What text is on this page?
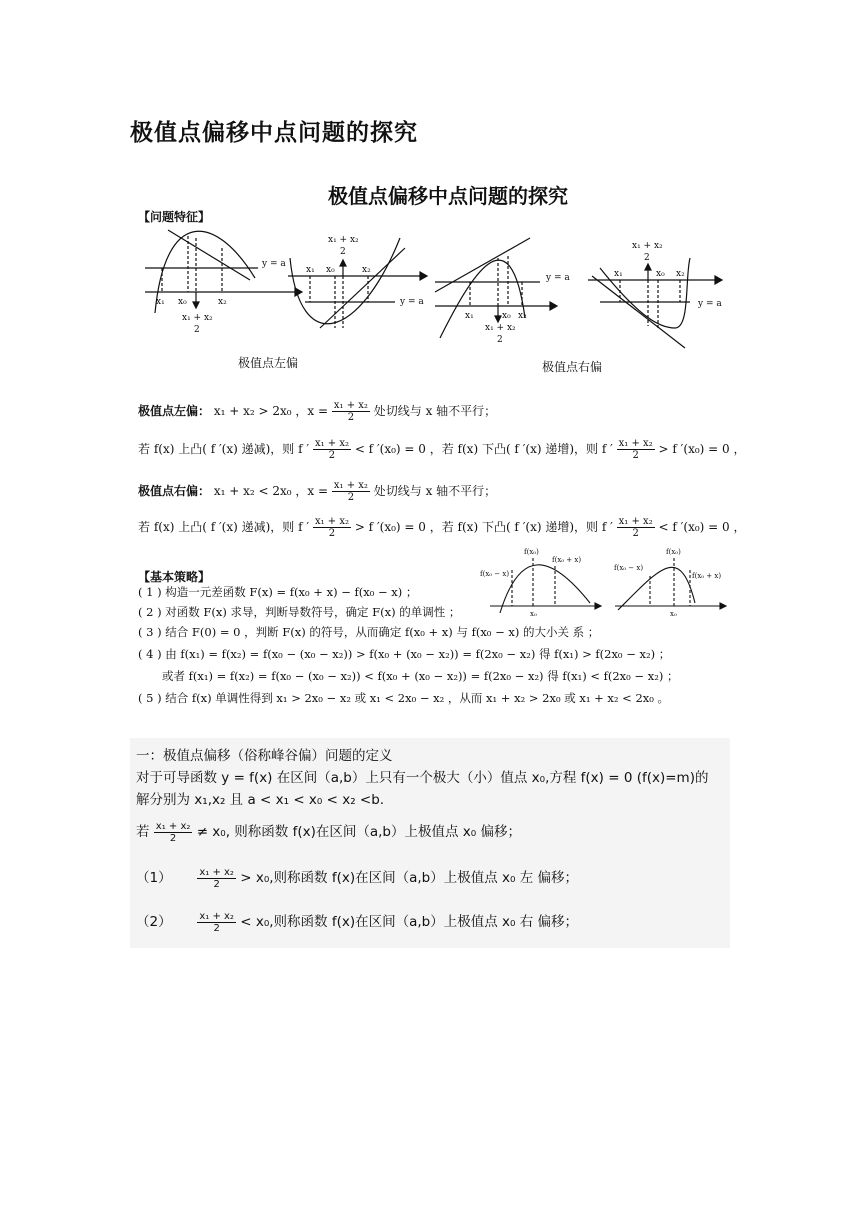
极值点偏移中点问题的探究
极值点偏移中点问题的探究
【问题特征】
y = a
x₁ x₀	x₂
x₁ + x₂
2
y = a
x₁ x₀	x₂
x₁ + x₂
2
y = a
x₁	x₀ x₂
x₁ + x₂
2
y = a
x₁	x₀ x₂
x₁ + x₂
2
极值点左偏	极值点右偏
极值点左偏： x₁ + x₂ > 2x₀ ，$x = \frac{\text{x₁ + x₂}}{2}$ 处切线与 x 轴不平行；
若 f(x) 上凸( f ′(x) 递减)，则 f ′ $\frac{\text{x₁ + x₂}}{2} < f$ ′(x₀) = 0 ，若 f(x) 下凸( f ′(x) 递增)，则 f ′ $\frac{\text{x₁ + x₂}}{2} > f$ ′(x₀) = 0 ，
极值点右偏： x₁ + x₂ < 2x₀ ，$x = \frac{\text{x₁ + x₂}}{2}$ 处切线与 x 轴不平行；
若 f(x) 上凸( f ′(x) 递减)，则 f ′ $\frac{\text{x₁ + x₂}}{2} > f$ ′(x₀) = 0 ，若 f(x) 下凸( f ′(x) 递增)，则 f ′ $\frac{\text{x₁ + x₂}}{2} < f$ ′(x₀) = 0 ，
【基本策略】
( 1 ) 构造一元差函数 F(x) = f(x₀ + x) − f(x₀ − x) ；
( 2 ) 对函数 F(x) 求导，判断导数符号，确定 F(x) 的单调性 ；
( 3 ) 结合 F(0) = 0 ，判断 F(x) 的符号，从而确定 f(x₀ + x) 与 f(x₀ − x) 的大小关 系 ；
( 4 ) 由 f(x₁) = f(x₂) = f(x₀ − (x₀ − x₂)) > f(x₀ + (x₀ − x₂)) = f(2x₀ − x₂) 得 f(x₁) > f(2x₀ − x₂) ；
或者 f(x₁) = f(x₂) = f(x₀ − (x₀ − x₂)) < f(x₀ + (x₀ − x₂)) = f(2x₀ − x₂) 得 f(x₁) < f(2x₀ − x₂) ；
( 5 ) 结合 f(x) 单调性得到 x₁ > 2x₀ − x₂ 或 x₁ < 2x₀ − x₂ ，从而 x₁ + x₂ > 2x₀ 或 x₁ + x₂ < 2x₀ 。
f(x₀)
f(x₀ − x)
f(x₀ + x)
x₀
f(x₀)
f(x₀ − x)
f(x₀ + x)
x₀
一：极值点偏移（俗称峰谷偏）问题的定义
对于可导函数 y = f(x) 在区间（a,b）上只有一个极大（小）值点 x₀,方程 f(x) = 0 (f(x)=m)的
解分别为 x₁,x₂ 且 a < x₁ < x₀ < x₂ <b.
若 $\frac{\text{x₁ + x₂}}{2} \ne x_0$, 则称函数 f(x)在区间（a,b）上极值点 x₀ 偏移；
（1）	$\frac{\text{x₁ + x₂}}{2} > x_0$,则称函数 f(x)在区间（a,b）上极值点 x₀ 左 偏移；
（2）	$\frac{\text{x₁ + x₂}}{2} < x_0$,则称函数 f(x)在区间（a,b）上极值点 x₀ 右 偏移；
